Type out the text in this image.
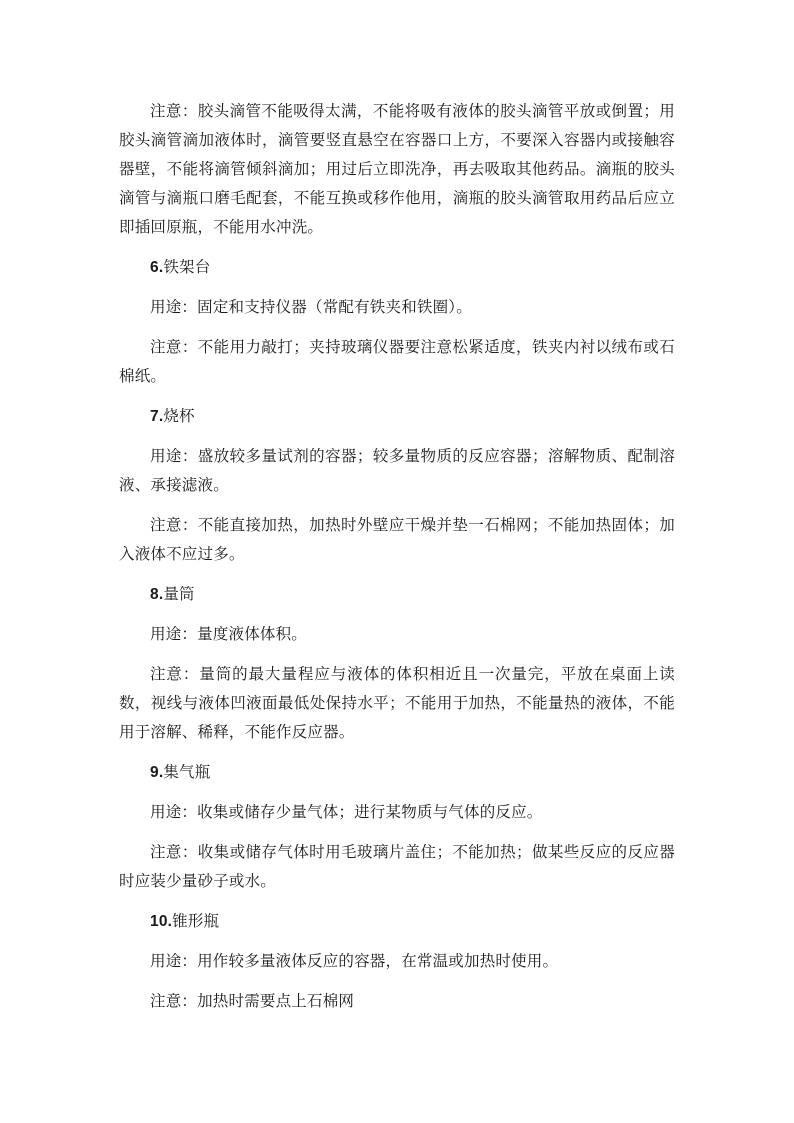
注意：胶头滴管不能吸得太满，不能将吸有液体的胶头滴管平放或倒置；用胶头滴管滴加液体时，滴管要竖直悬空在容器口上方，不要深入容器内或接触容器壁，不能将滴管倾斜滴加；用过后立即洗净，再去吸取其他药品。滴瓶的胶头滴管与滴瓶口磨毛配套，不能互换或移作他用，滴瓶的胶头滴管取用药品后应立即插回原瓶，不能用水冲洗。

6.铁架台

用途：固定和支持仪器（常配有铁夹和铁圈）。

注意：不能用力敲打；夹持玻璃仪器要注意松紧适度，铁夹内衬以绒布或石棉纸。

7.烧杯

用途：盛放较多量试剂的容器；较多量物质的反应容器；溶解物质、配制溶液、承接滤液。

注意：不能直接加热，加热时外壁应干燥并垫一石棉网；不能加热固体；加入液体不应过多。

8.量筒

用途：量度液体体积。

注意：量筒的最大量程应与液体的体积相近且一次量完，平放在桌面上读数，视线与液体凹液面最低处保持水平；不能用于加热，不能量热的液体，不能用于溶解、稀释，不能作反应器。

9.集气瓶

用途：收集或储存少量气体；进行某物质与气体的反应。

注意：收集或储存气体时用毛玻璃片盖住；不能加热；做某些反应的反应器时应装少量砂子或水。

10.锥形瓶

用途：用作较多量液体反应的容器，在常温或加热时使用。

注意：加热时需要点上石棉网
